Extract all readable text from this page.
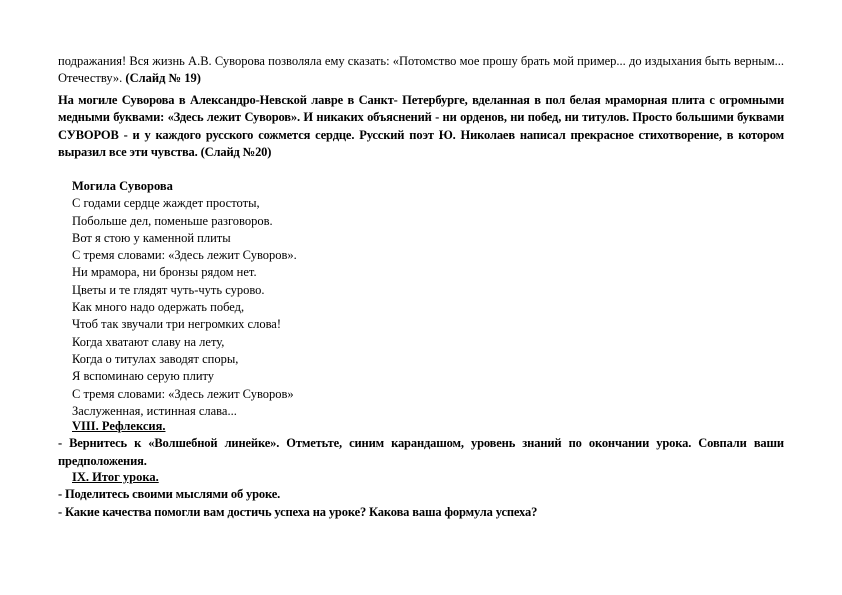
подражания! Вся жизнь А.В. Суворова позволяла ему сказать: «Потомство мое прошу брать мой пример... до издыхания быть верным... Отечеству». (Слайд № 19)

На могиле Суворова в Александро-Невской лавре в Санкт- Петербурге, вделанная в пол белая мраморная плита с огромными медными буквами: «Здесь лежит Суворов». И никаких объяснений - ни орденов, ни побед, ни титулов. Просто большими буквами СУВОРОВ - и у каждого русского сожмется сердце. Русский поэт Ю. Николаев написал прекрасное стихотворение, в котором выразил все эти чувства. (Слайд №20)

Могила Суворова
С годами сердце жаждет простоты,
Побольше дел, поменьше разговоров.
Вот я стою у каменной плиты
С тремя словами: «Здесь лежит Суворов».
Ни мрамора, ни бронзы рядом нет.
Цветы и те глядят чуть-чуть сурово.
Как много надо одержать побед,
Чтоб так звучали три негромких слова!
Когда хватают славу на лету,
Когда о титулах заводят споры,
Я вспоминаю серую плиту
С тремя словами: «Здесь лежит Суворов»
Заслуженная, истинная слава...
VIII. Рефлексия.
- Вернитесь к «Волшебной линейке». Отметьте, синим карандашом, уровень знаний по окончании урока. Совпали ваши предположения.
IX. Итог урока.
- Поделитесь своими мыслями об уроке.
- Какие качества помогли вам достичь успеха на уроке? Какова ваша формула успеха?
